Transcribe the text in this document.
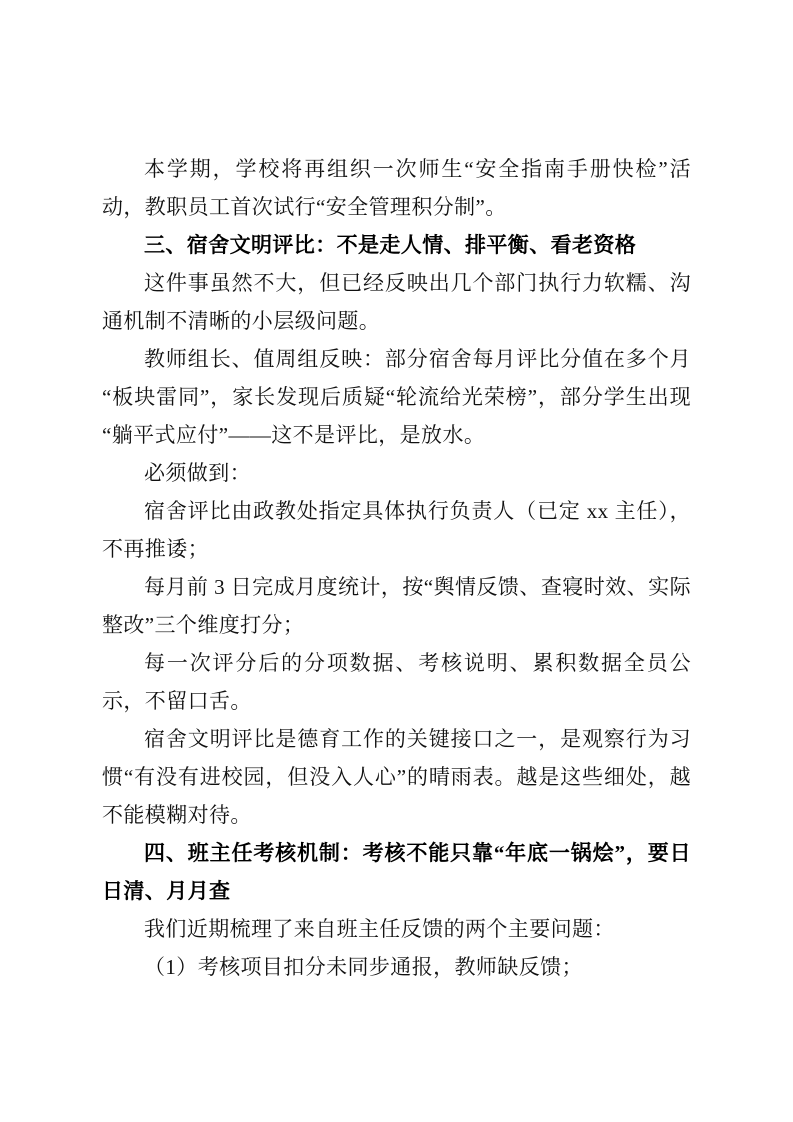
本学期，学校将再组织一次师生“安全指南手册快检”活动，教职员工首次试行“安全管理积分制”。

三、宿舍文明评比：不是走人情、排平衡、看老资格

这件事虽然不大，但已经反映出几个部门执行力软糯、沟通机制不清晰的小层级问题。

教师组长、值周组反映：部分宿舍每月评比分值在多个月“板块雷同”，家长发现后质疑“轮流给光荣榜”，部分学生出现“躺平式应付”——这不是评比，是放水。

必须做到：

宿舍评比由政教处指定具体执行负责人（已定 xx 主任），不再推诿；

每月前 3 日完成月度统计，按“舆情反馈、查寝时效、实际整改”三个维度打分；

每一次评分后的分项数据、考核说明、累积数据全员公示，不留口舌。

宿舍文明评比是德育工作的关键接口之一，是观察行为习惯“有没有进校园，但没入人心”的晴雨表。越是这些细处，越不能模糊对待。

四、班主任考核机制：考核不能只靠“年底一锅烩”，要日日清、月月查

我们近期梳理了来自班主任反馈的两个主要问题：

（1）考核项目扣分未同步通报，教师缺反馈；
